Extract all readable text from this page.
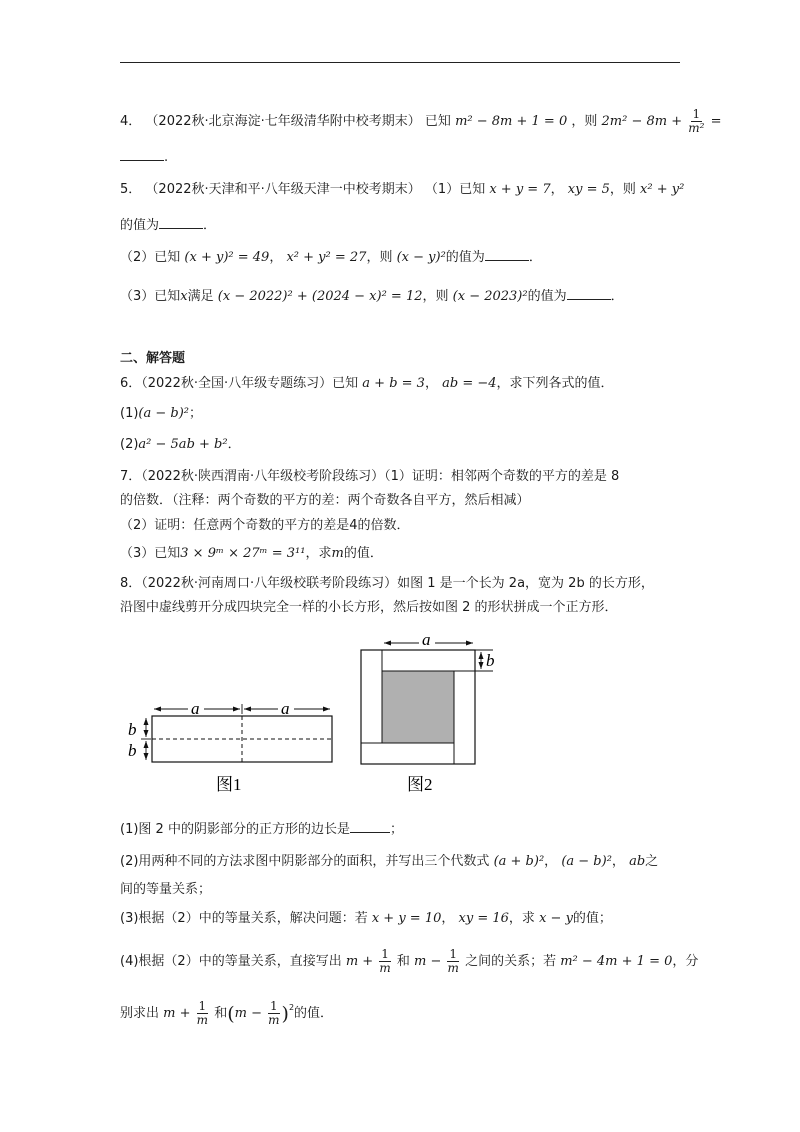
4． （2022秋·北京海淀·七年级清华附中校考期末） 已知 m² − 8m + 1 = 0 ，则 $2m^2 - 8m + \frac{1}{\text{m²}}$ =
.
5． （2022秋·天津和平·八年级天津一中校考期末） （1）已知 x + y = 7， xy = 5，则 x² + y²
的值为	．
（2）已知 (x + y)² = 49， x² + y² = 27，则 (x − y)²的值为	．
（3）已知x满足 (x − 2022)² + (2024 − x)² = 12，则 (x − 2023)²的值为	．
二、解答题
6．（2022秋·全国·八年级专题练习）已知 a + b = 3， ab = −4，求下列各式的值．
(1)(a − b)²；
(2)a² − 5ab + b²．
7．（2022秋·陕西渭南·八年级校考阶段练习）（1）证明：相邻两个奇数的平方的差是 8
的倍数．（注释：两个奇数的平方的差：两个奇数各自平方，然后相减）
（2）证明：任意两个奇数的平方的差是4的倍数．
（3）已知3 × 9ᵐ × 27ᵐ = 3¹¹，求m的值．
8．（2022秋·河南周口·八年级校联考阶段练习）如图 1 是一个长为 2a，宽为 2b 的长方形，
沿图中虚线剪开分成四块完全一样的小长方形，然后按如图 2 的形状拼成一个正方形．
a	a
b
b
图1
a
b
图2
(1)图 2 中的阴影部分的正方形的边长是	；
(2)用两种不同的方法求图中阴影部分的面积，并写出三个代数式 (a + b)²， (a − b)²， ab之
间的等量关系；
(3)根据（2）中的等量关系，解决问题：若 x + y = 10， xy = 16，求 x − y的值；
(4)根据（2）中的等量关系，直接写出 $m + \frac{1}{m}$ 和 $m - \frac{1}{m}$ 之间的关系；若 m² − 4m + 1 = 0，分
别求出 $m + \frac{1}{m}$ 和$(m - \frac{1}{m} )^2$的值．
